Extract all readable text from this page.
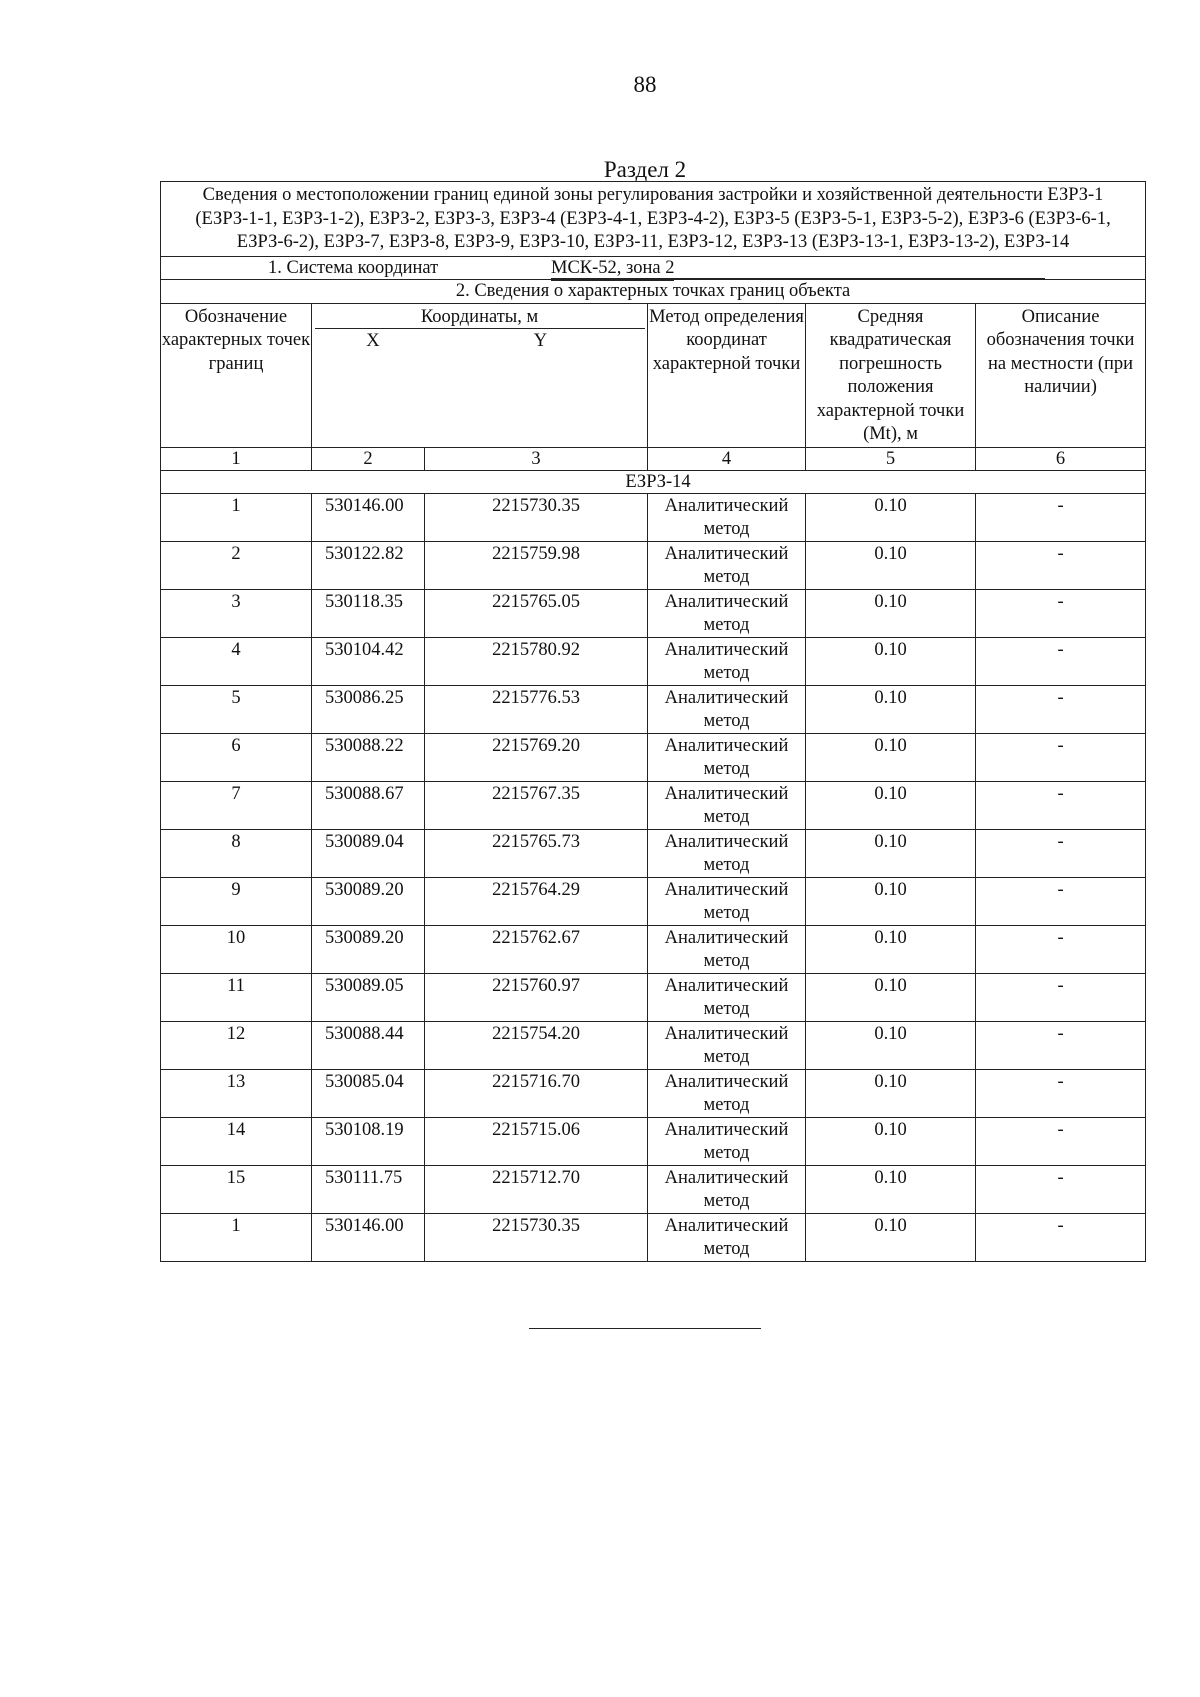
88
Раздел 2
Сведения о местоположении границ единой зоны регулирования застройки и хозяйственной деятельности ЕЗРЗ-1 (ЕЗРЗ-1-1, ЕЗРЗ-1-2), ЕЗРЗ-2, ЕЗРЗ-3, ЕЗРЗ-4 (ЕЗРЗ-4-1, ЕЗРЗ-4-2), ЕЗРЗ-5 (ЕЗРЗ-5-1, ЕЗРЗ-5-2), ЕЗРЗ-6 (ЕЗРЗ-6-1, ЕЗРЗ-6-2), ЕЗРЗ-7, ЕЗРЗ-8, ЕЗРЗ-9, ЕЗРЗ-10, ЕЗРЗ-11, ЕЗРЗ-12, ЕЗРЗ-13 (ЕЗРЗ-13-1, ЕЗРЗ-13-2), ЕЗРЗ-14					

1. Система координат МСК-52, зона 2					

2. Сведения о характерных точках границ объекта					
Обозначение характерных точек границ	Координаты, м
X Y		Метод определения координат характерной точки	Средняя квадратическая погрешность положения характерной точки (Mt), м	Описание обозначения точки на местности (при наличии)
1	2	3	4	5	6
ЕЗРЗ-14					
1	530146.00	2215730.35	Аналитический метод	0.10	-
2	530122.82	2215759.98	Аналитический метод	0.10	-
3	530118.35	2215765.05	Аналитический метод	0.10	-
4	530104.42	2215780.92	Аналитический метод	0.10	-
5	530086.25	2215776.53	Аналитический метод	0.10	-
6	530088.22	2215769.20	Аналитический метод	0.10	-
7	530088.67	2215767.35	Аналитический метод	0.10	-
8	530089.04	2215765.73	Аналитический метод	0.10	-
9	530089.20	2215764.29	Аналитический метод	0.10	-
10	530089.20	2215762.67	Аналитический метод	0.10	-
11	530089.05	2215760.97	Аналитический метод	0.10	-
12	530088.44	2215754.20	Аналитический метод	0.10	-
13	530085.04	2215716.70	Аналитический метод	0.10	-
14	530108.19	2215715.06	Аналитический метод	0.10	-
15	530111.75	2215712.70	Аналитический метод	0.10	-
1	530146.00	2215730.35	Аналитический метод	0.10	-
